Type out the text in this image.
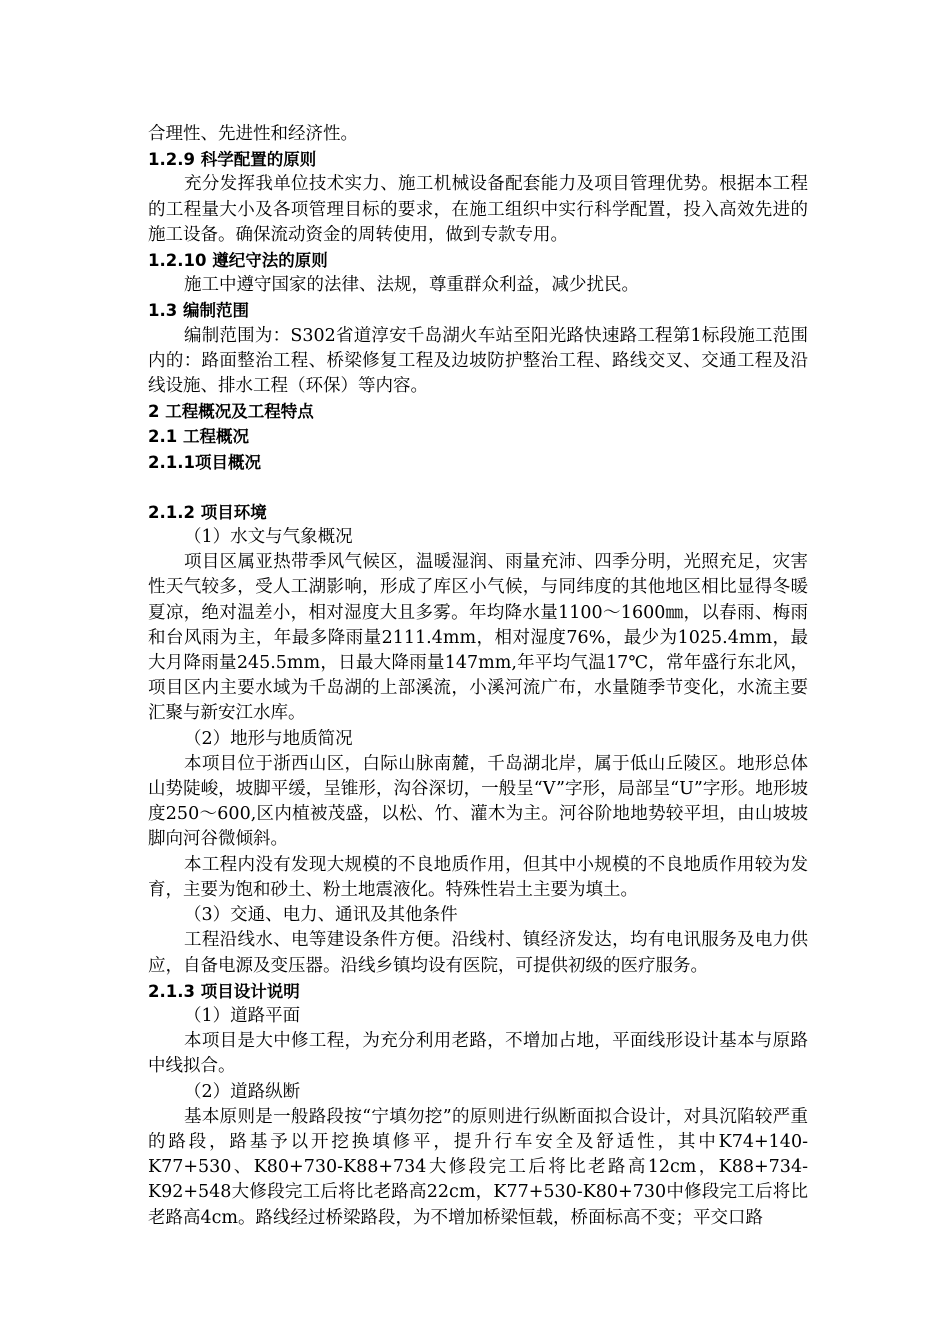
合理性、先进性和经济性。

1.2.9 科学配置的原则

充分发挥我单位技术实力、施工机械设备配套能力及项目管理优势。根据本工程的工程量大小及各项管理目标的要求，在施工组织中实行科学配置，投入高效先进的施工设备。确保流动资金的周转使用，做到专款专用。

1.2.10 遵纪守法的原则

施工中遵守国家的法律、法规，尊重群众利益，减少扰民。

1.3 编制范围

编制范围为：S302省道淳安千岛湖火车站至阳光路快速路工程第1标段施工范围内的：路面整治工程、桥梁修复工程及边坡防护整治工程、路线交叉、交通工程及沿线设施、排水工程（环保）等内容。

2 工程概况及工程特点

2.1 工程概况

2.1.1项目概况

2.1.2 项目环境

（1）水文与气象概况

项目区属亚热带季风气候区，温暖湿润、雨量充沛、四季分明，光照充足，灾害性天气较多，受人工湖影响，形成了库区小气候，与同纬度的其他地区相比显得冬暖夏凉，绝对温差小，相对湿度大且多雾。年均降水量1100～1600㎜，以春雨、梅雨和台风雨为主，年最多降雨量2111.4mm，相对湿度76%，最少为1025.4mm，最大月降雨量245.5mm，日最大降雨量147mm,年平均气温17℃，常年盛行东北风，项目区内主要水域为千岛湖的上部溪流，小溪河流广布，水量随季节变化，水流主要汇聚与新安江水库。

（2）地形与地质简况

本项目位于浙西山区，白际山脉南麓，千岛湖北岸，属于低山丘陵区。地形总体山势陡峻，坡脚平缓，呈锥形，沟谷深切，一般呈“V”字形，局部呈“U”字形。地形坡度250～600,区内植被茂盛，以松、竹、灌木为主。河谷阶地地势较平坦，由山坡坡脚向河谷微倾斜。

本工程内没有发现大规模的不良地质作用，但其中小规模的不良地质作用较为发育，主要为饱和砂土、粉土地震液化。特殊性岩土主要为填土。

（3）交通、电力、通讯及其他条件

工程沿线水、电等建设条件方便。沿线村、镇经济发达，均有电讯服务及电力供应，自备电源及变压器。沿线乡镇均设有医院，可提供初级的医疗服务。

2.1.3 项目设计说明

（1）道路平面

本项目是大中修工程，为充分利用老路，不增加占地，平面线形设计基本与原路中线拟合。

（2）道路纵断

基本原则是一般路段按“宁填勿挖”的原则进行纵断面拟合设计，对具沉陷较严重的路段，路基予以开挖换填修平，提升行车安全及舒适性，其中K74+140-K77+530、K80+730-K88+734大修段完工后将比老路高12cm，K88+734-K92+548大修段完工后将比老路高22cm，K77+530-K80+730中修段完工后将比老路高4cm。路线经过桥梁路段，为不增加桥梁恒载，桥面标高不变；平交口路
